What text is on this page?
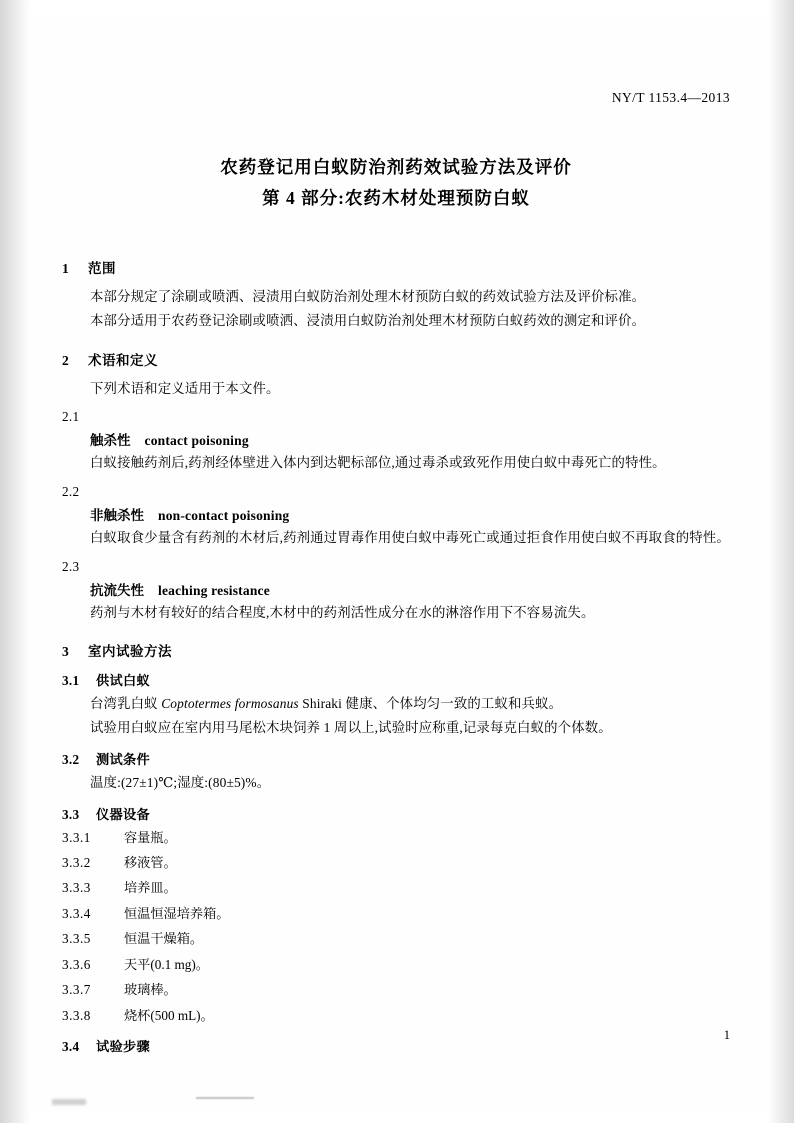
NY/T 1153.4—2013
农药登记用白蚁防治剂药效试验方法及评价
第 4 部分:农药木材处理预防白蚁
1 范围

本部分规定了涂刷或喷洒、浸渍用白蚁防治剂处理木材预防白蚁的药效试验方法及评价标准。

本部分适用于农药登记涂刷或喷洒、浸渍用白蚁防治剂处理木材预防白蚁药效的测定和评价。

2 术语和定义

下列术语和定义适用于本文件。

2.1
触杀性 contact poisoning

白蚁接触药剂后,药剂经体壁进入体内到达靶标部位,通过毒杀或致死作用使白蚁中毒死亡的特性。

2.2
非触杀性 non-contact poisoning

白蚁取食少量含有药剂的木材后,药剂通过胃毒作用使白蚁中毒死亡或通过拒食作用使白蚁不再取食的特性。

2.3
抗流失性 leaching resistance

药剂与木材有较好的结合程度,木材中的药剂活性成分在水的淋溶作用下不容易流失。

3 室内试验方法
3.1 供试白蚁

台湾乳白蚁 Coptotermes formosanus Shiraki 健康、个体均匀一致的工蚁和兵蚁。

试验用白蚁应在室内用马尾松木块饲养 1 周以上,试验时应称重,记录每克白蚁的个体数。

3.2 测试条件

温度:(27±1)℃;湿度:(80±5)%。

3.3 仪器设备
3.3.1	容量瓶。
3.3.2	移液管。
3.3.3	培养皿。
3.3.4	恒温恒湿培养箱。
3.3.5	恒温干燥箱。
3.3.6	天平(0.1 mg)。
3.3.7	玻璃棒。
3.3.8	烧杯(500 mL)。
3.4 试验步骤
1
